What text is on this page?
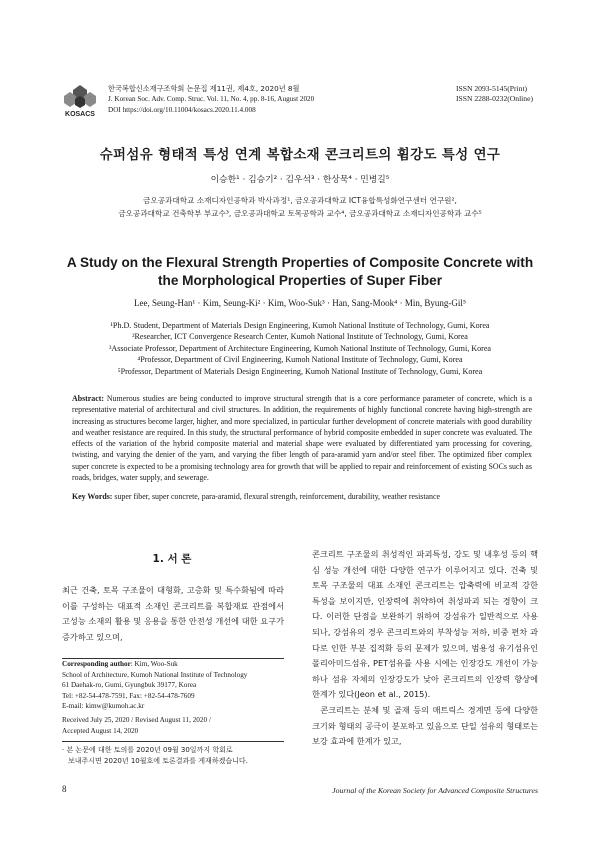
KOSACS
한국복합신소재구조학회 논문집 제11권, 제4호, 2020년 8월
J. Korean Soc. Adv. Comp. Struc. Vol. 11, No. 4, pp. 8-16, August 2020
DOI https://doi.org/10.11004/kosacs.2020.11.4.008
ISSN 2093-5145(Print)
ISSN 2288-0232(Online)
슈퍼섬유 형태적 특성 연계 복합소재 콘크리트의 휨강도 특성 연구
이승한¹ · 김승기² · 김우석³ · 한상묵⁴ · 민병길⁵
금오공과대학교 소재디자인공학과 박사과정¹, 금오공과대학교 ICT융합특성화연구센터 연구원²,
금오공과대학교 건축학부 부교수³, 금오공과대학교 토목공학과 교수⁴, 금오공과대학교 소재디자인공학과 교수⁵
A Study on the Flexural Strength Properties of Composite Concrete with
the Morphological Properties of Super Fiber
Lee, Seung-Han¹ · Kim, Seung-Ki² · Kim, Woo-Suk³ · Han, Sang-Mook⁴ · Min, Byung-Gil⁵
¹Ph.D. Student, Department of Materials Design Engineering, Kumoh National Institute of Technology, Gumi, Korea
²Researcher, ICT Convergence Research Center, Kumoh National Institute of Technology, Gumi, Korea
³Associate Professor, Department of Architecture Engineering, Kumoh National Institute of Technology, Gumi, Korea
⁴Professor, Department of Civil Engineering, Kumoh National Institute of Technology, Gumi, Korea
⁵Professor, Department of Materials Design Engineering, Kumoh National Institute of Technology, Gumi, Korea
Abstract: Numerous studies are being conducted to improve structural strength that is a core performance parameter of concrete, which is a representative material of architectural and civil structures. In addition, the requirements of highly functional concrete having high-strength are increasing as structures become larger, higher, and more specialized, in particular further development of concrete materials with good durability and weather resistance are required. In this study, the structural performance of hybrid composite embedded in super concrete was evaluated. The effects of the variation of the hybrid composite material and material shape were evaluated by differentiated yarn processing for covering, twisting, and varying the denier of the yarn, and varying the fiber length of para-aramid yarn and/or steel fiber. The optimized fiber complex super concrete is expected to be a promising technology area for growth that will be applied to repair and reinforcement of existing SOCs such as roads, bridges, water supply, and sewerage.
Key Words: super fiber, super concrete, para-aramid, flexural strength, reinforcement, durability, weather resistance
1. 서 론

최근 건축, 토목 구조물이 대형화, 고층화 및 특수화됨에 따라 이를 구성하는 대표적 소재인 콘크리트를 복합재료 관점에서 고성능 소재의 활용 및 응용을 통한 안전성 개선에 대한 요구가 증가하고 있으며,

Corresponding author: Kim, Woo-Suk
School of Architecture, Kumoh National Institute of Technology
61 Daehak-ro, Gumi, Gyungbuk 39177, Korea
Tel: +82-54-478-7591, Fax: +82-54-478-7609
E-mail: kimw@kumoh.ac.kr
Received July 25, 2020 / Revised August 11, 2020 /
Accepted August 14, 2020
· 본 논문에 대한 토의를 2020년 09월 30일까지 학회로
보내주시면 2020년 10월호에 토론결과를 게재하겠습니다.

콘크리트 구조물의 취성적인 파괴특성, 강도 및 내후성 등의 핵심 성능 개선에 대한 다양한 연구가 이루어지고 있다. 건축 및 토목 구조물의 대표 소재인 콘크리트는 압축력에 비교적 강한 특성을 보이지만, 인장력에 취약하여 취성파괴 되는 경향이 크다. 이러한 단점을 보완하기 위하여 강섬유가 일반적으로 사용되나, 강섬유의 경우 콘크리트와의 부착성능 저하, 비중 편차 과다로 인한 부분 집적화 등의 문제가 있으며, 범용성 유기섬유인 폴리아미드섬유, PET섬유를 사용 시에는 인장강도 개선이 가능하나 섬유 자체의 인장강도가 낮아 콘크리트의 인장력 향상에 한계가 있다(Jeon et al., 2015).

콘크리트는 분체 및 골재 등의 매트릭스 경계면 등에 다양한 크기와 형태의 공극이 분포하고 있음으로 단일 섬유의 형태로는 보강 효과에 한계가 있고,

8	Journal of the Korean Society for Advanced Composite Structures
